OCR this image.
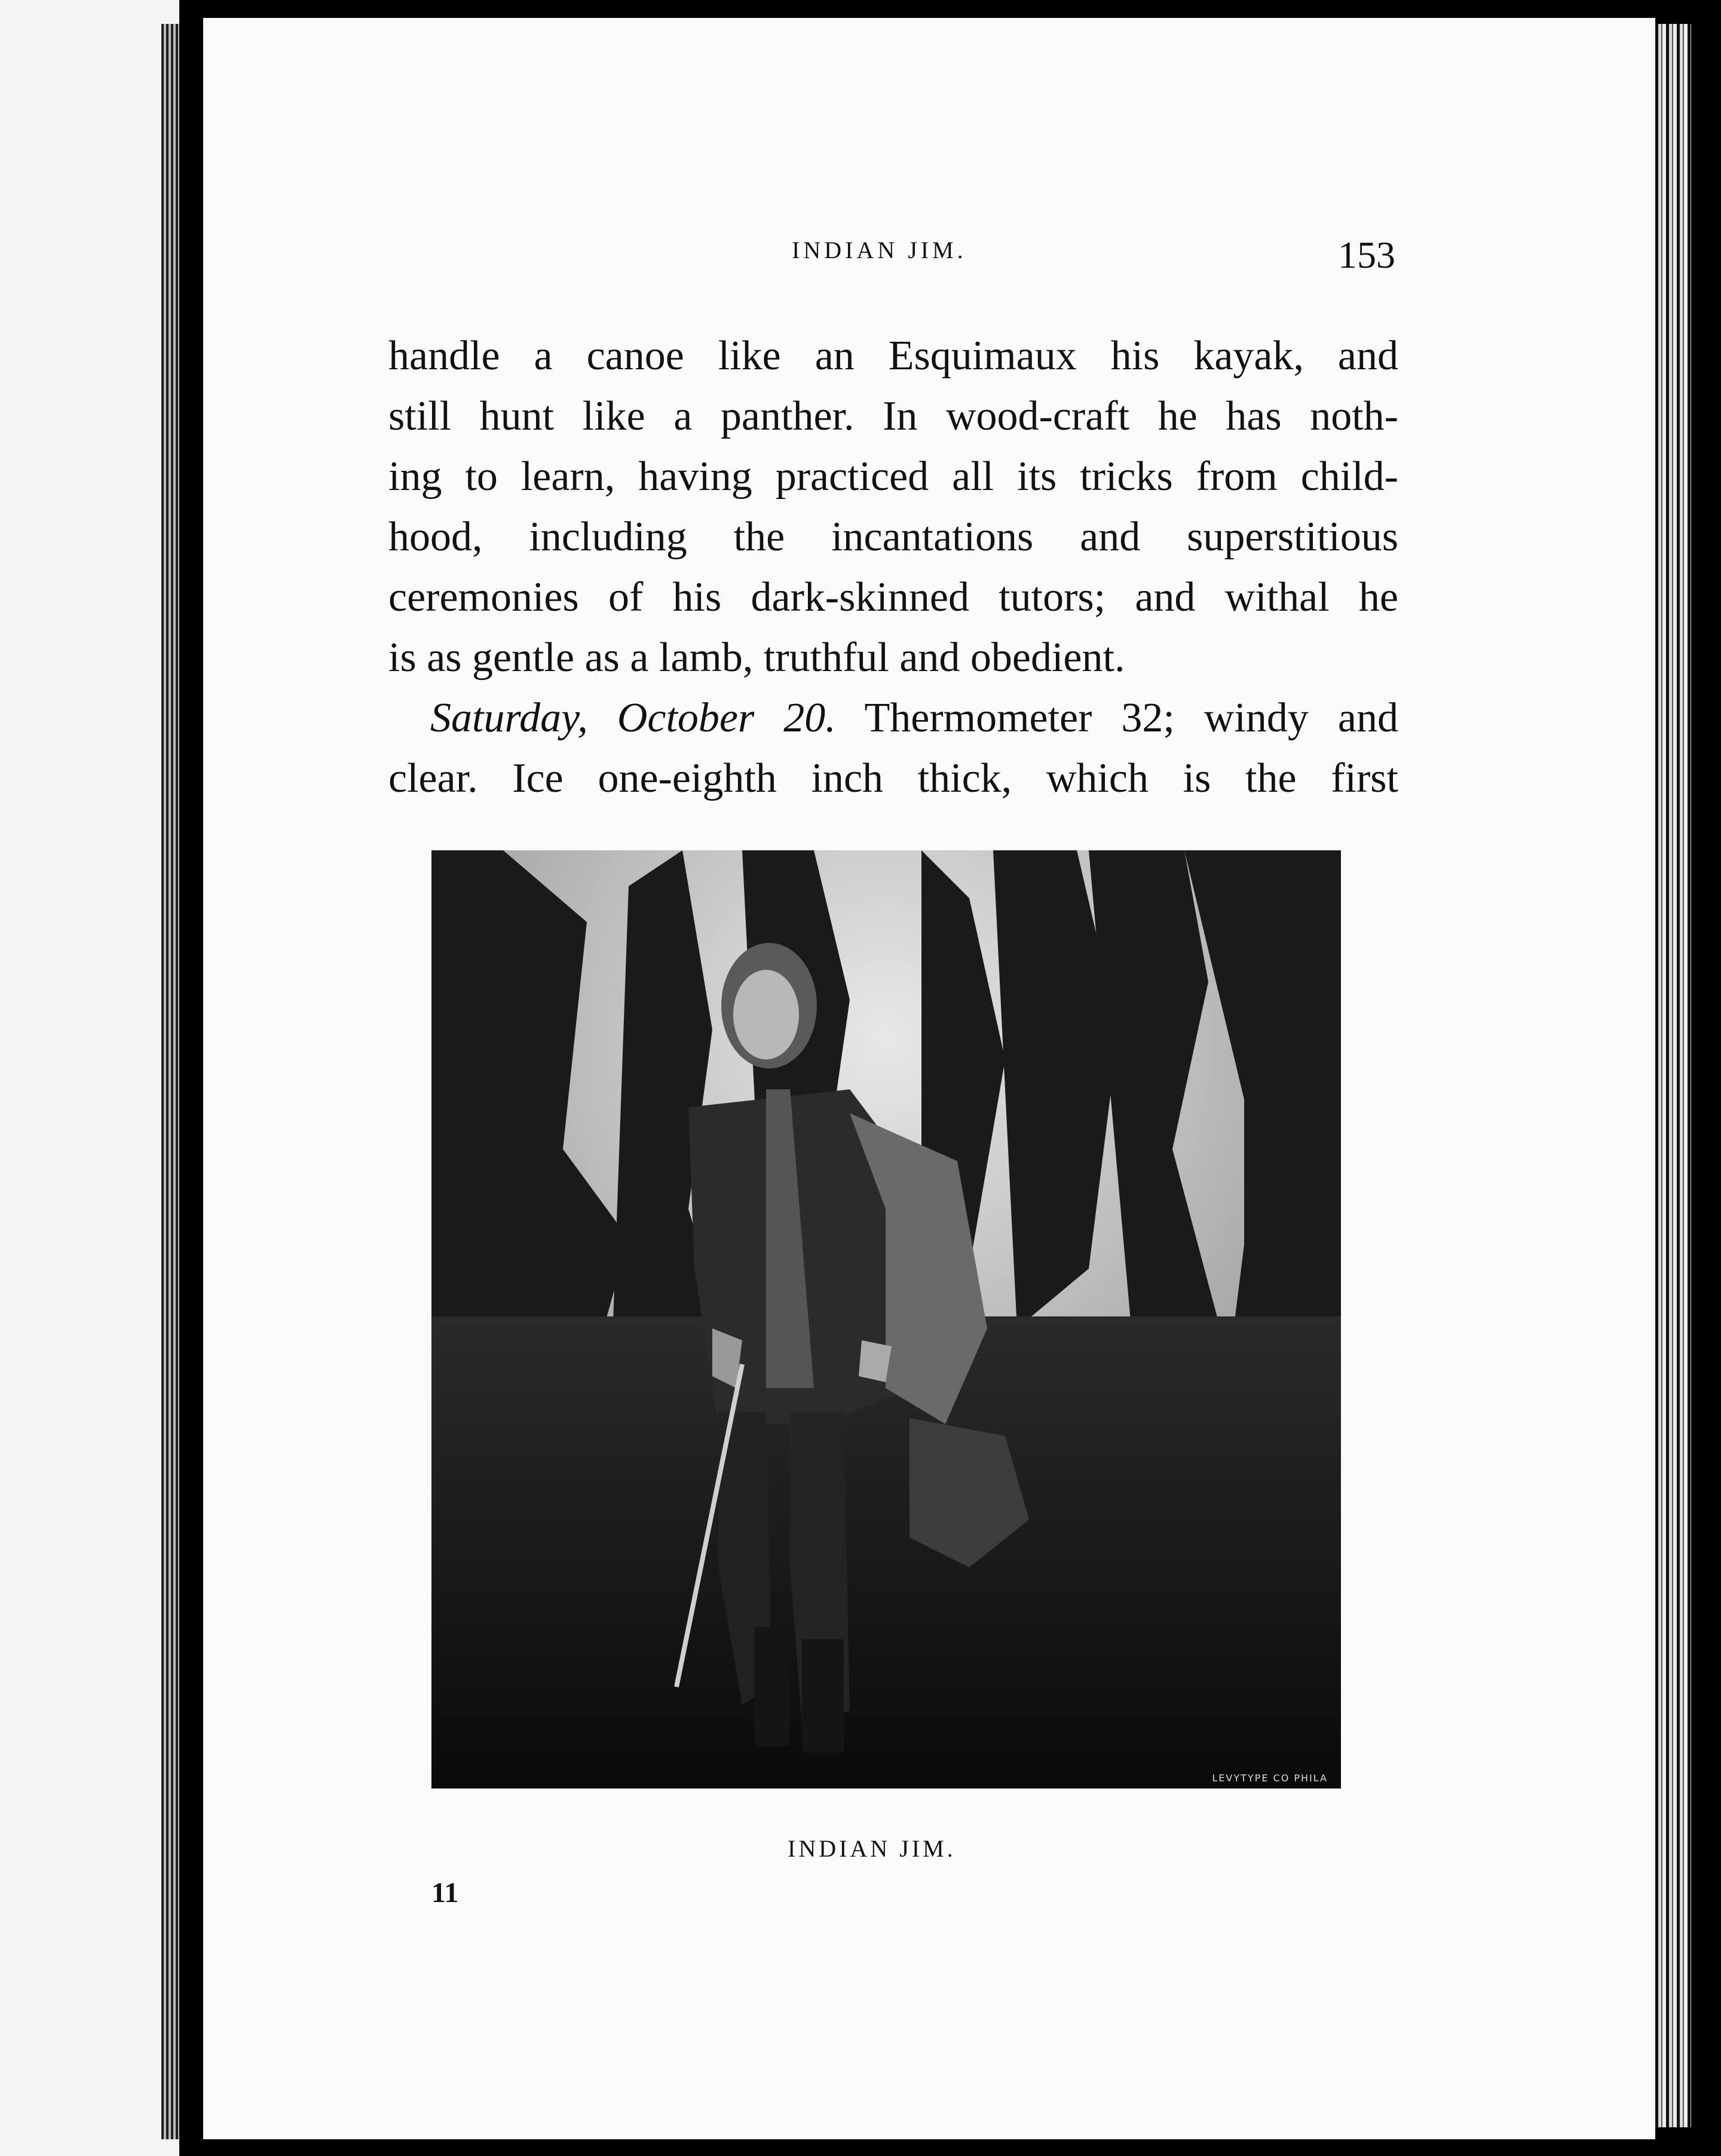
INDIAN JIM.	153
handle a canoe like an Esquimaux his kayak, and
still hunt like a panther. In wood-craft he has noth-
ing to learn, having practiced all its tricks from child-
hood, including the incantations and superstitious
ceremonies of his dark-skinned tutors; and withal he
is as gentle as a lamb, truthful and obedient.
Saturday, October 20. Thermometer 32; windy and
clear. Ice one-eighth inch thick, which is the first
LEVYTYPE CO PHILA
INDIAN JIM.
11
